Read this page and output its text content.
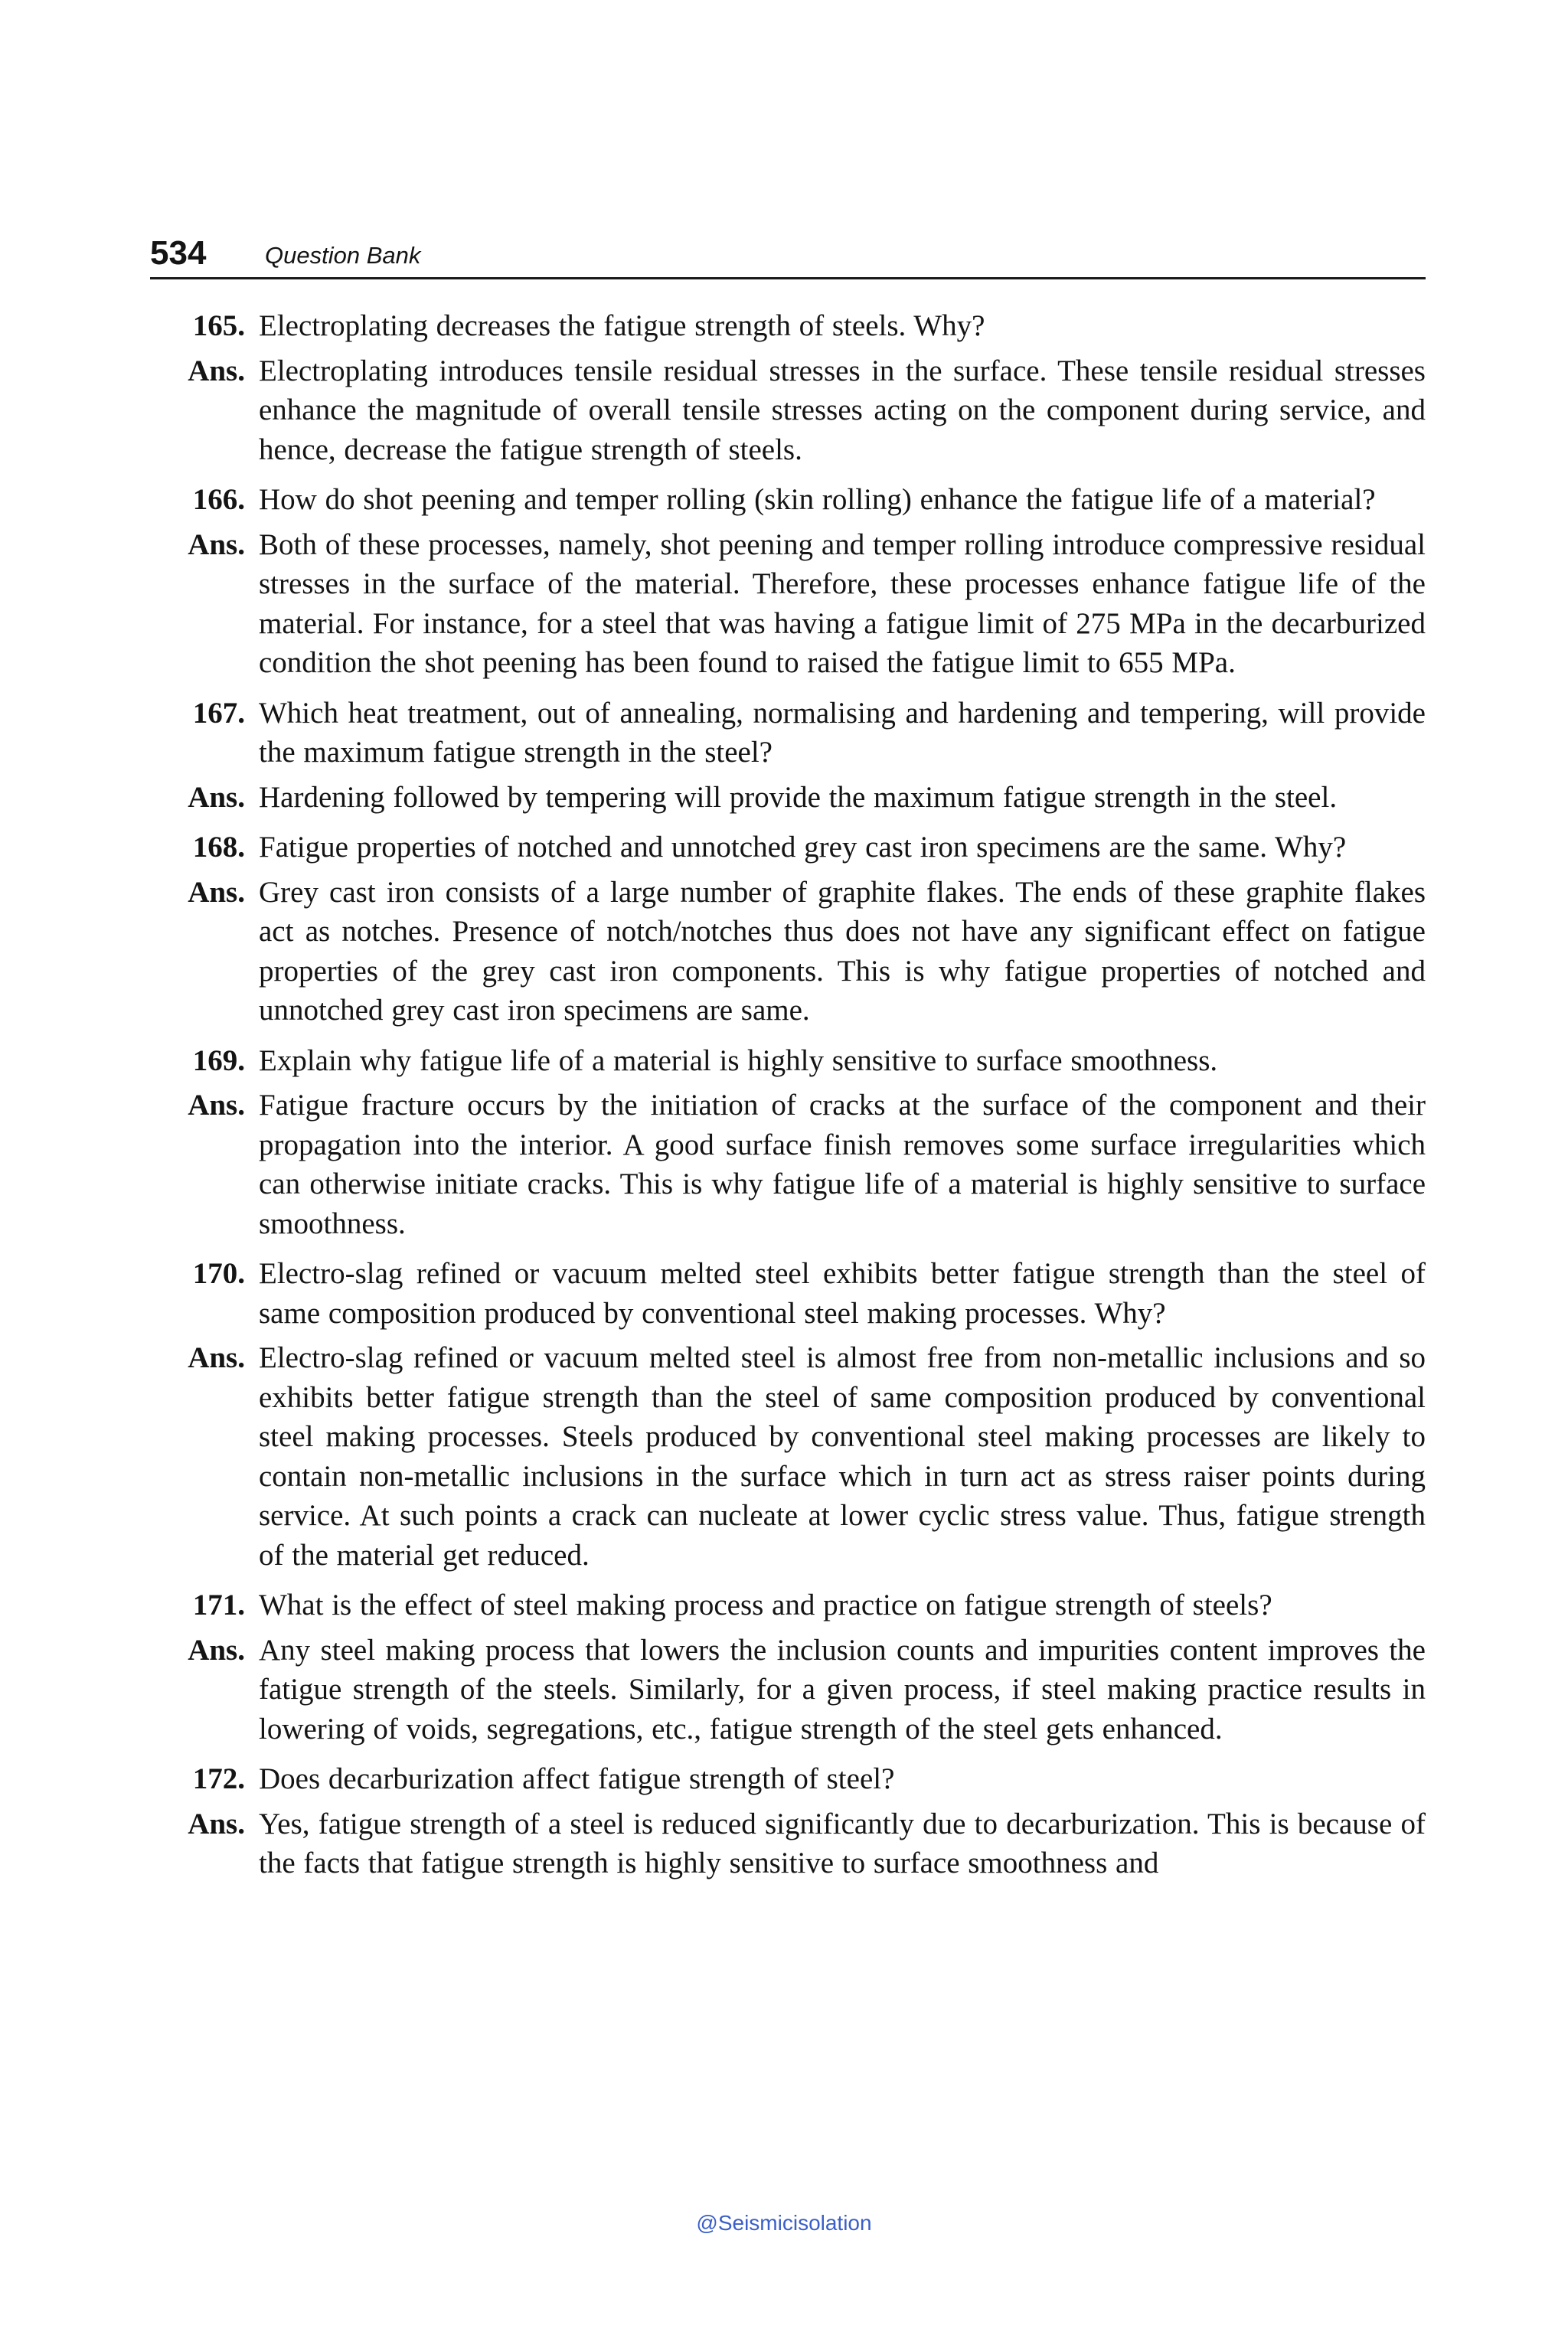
534 Question Bank
165. Electroplating decreases the fatigue strength of steels. Why?
Ans. Electroplating introduces tensile residual stresses in the surface. These tensile residual stresses enhance the magnitude of overall tensile stresses acting on the component during service, and hence, decrease the fatigue strength of steels.
166. How do shot peening and temper rolling (skin rolling) enhance the fatigue life of a material?
Ans. Both of these processes, namely, shot peening and temper rolling introduce compressive residual stresses in the surface of the material. Therefore, these processes enhance fatigue life of the material. For instance, for a steel that was having a fatigue limit of 275 MPa in the decarburized condition the shot peening has been found to raised the fatigue limit to 655 MPa.
167. Which heat treatment, out of annealing, normalising and hardening and tempering, will provide the maximum fatigue strength in the steel?
Ans. Hardening followed by tempering will provide the maximum fatigue strength in the steel.
168. Fatigue properties of notched and unnotched grey cast iron specimens are the same. Why?
Ans. Grey cast iron consists of a large number of graphite flakes. The ends of these graphite flakes act as notches. Presence of notch/notches thus does not have any significant effect on fatigue properties of the grey cast iron components. This is why fatigue properties of notched and unnotched grey cast iron specimens are same.
169. Explain why fatigue life of a material is highly sensitive to surface smoothness.
Ans. Fatigue fracture occurs by the initiation of cracks at the surface of the component and their propagation into the interior. A good surface finish removes some surface irregularities which can otherwise initiate cracks. This is why fatigue life of a material is highly sensitive to surface smoothness.
170. Electro-slag refined or vacuum melted steel exhibits better fatigue strength than the steel of same composition produced by conventional steel making processes. Why?
Ans. Electro-slag refined or vacuum melted steel is almost free from non-metallic inclusions and so exhibits better fatigue strength than the steel of same composition produced by conventional steel making processes. Steels produced by conventional steel making processes are likely to contain non-metallic inclusions in the surface which in turn act as stress raiser points during service. At such points a crack can nucleate at lower cyclic stress value. Thus, fatigue strength of the material get reduced.
171. What is the effect of steel making process and practice on fatigue strength of steels?
Ans. Any steel making process that lowers the inclusion counts and impurities content improves the fatigue strength of the steels. Similarly, for a given process, if steel making practice results in lowering of voids, segregations, etc., fatigue strength of the steel gets enhanced.
172. Does decarburization affect fatigue strength of steel?
Ans. Yes, fatigue strength of a steel is reduced significantly due to decarburization. This is because of the facts that fatigue strength is highly sensitive to surface smoothness and
@Seismicisolation
